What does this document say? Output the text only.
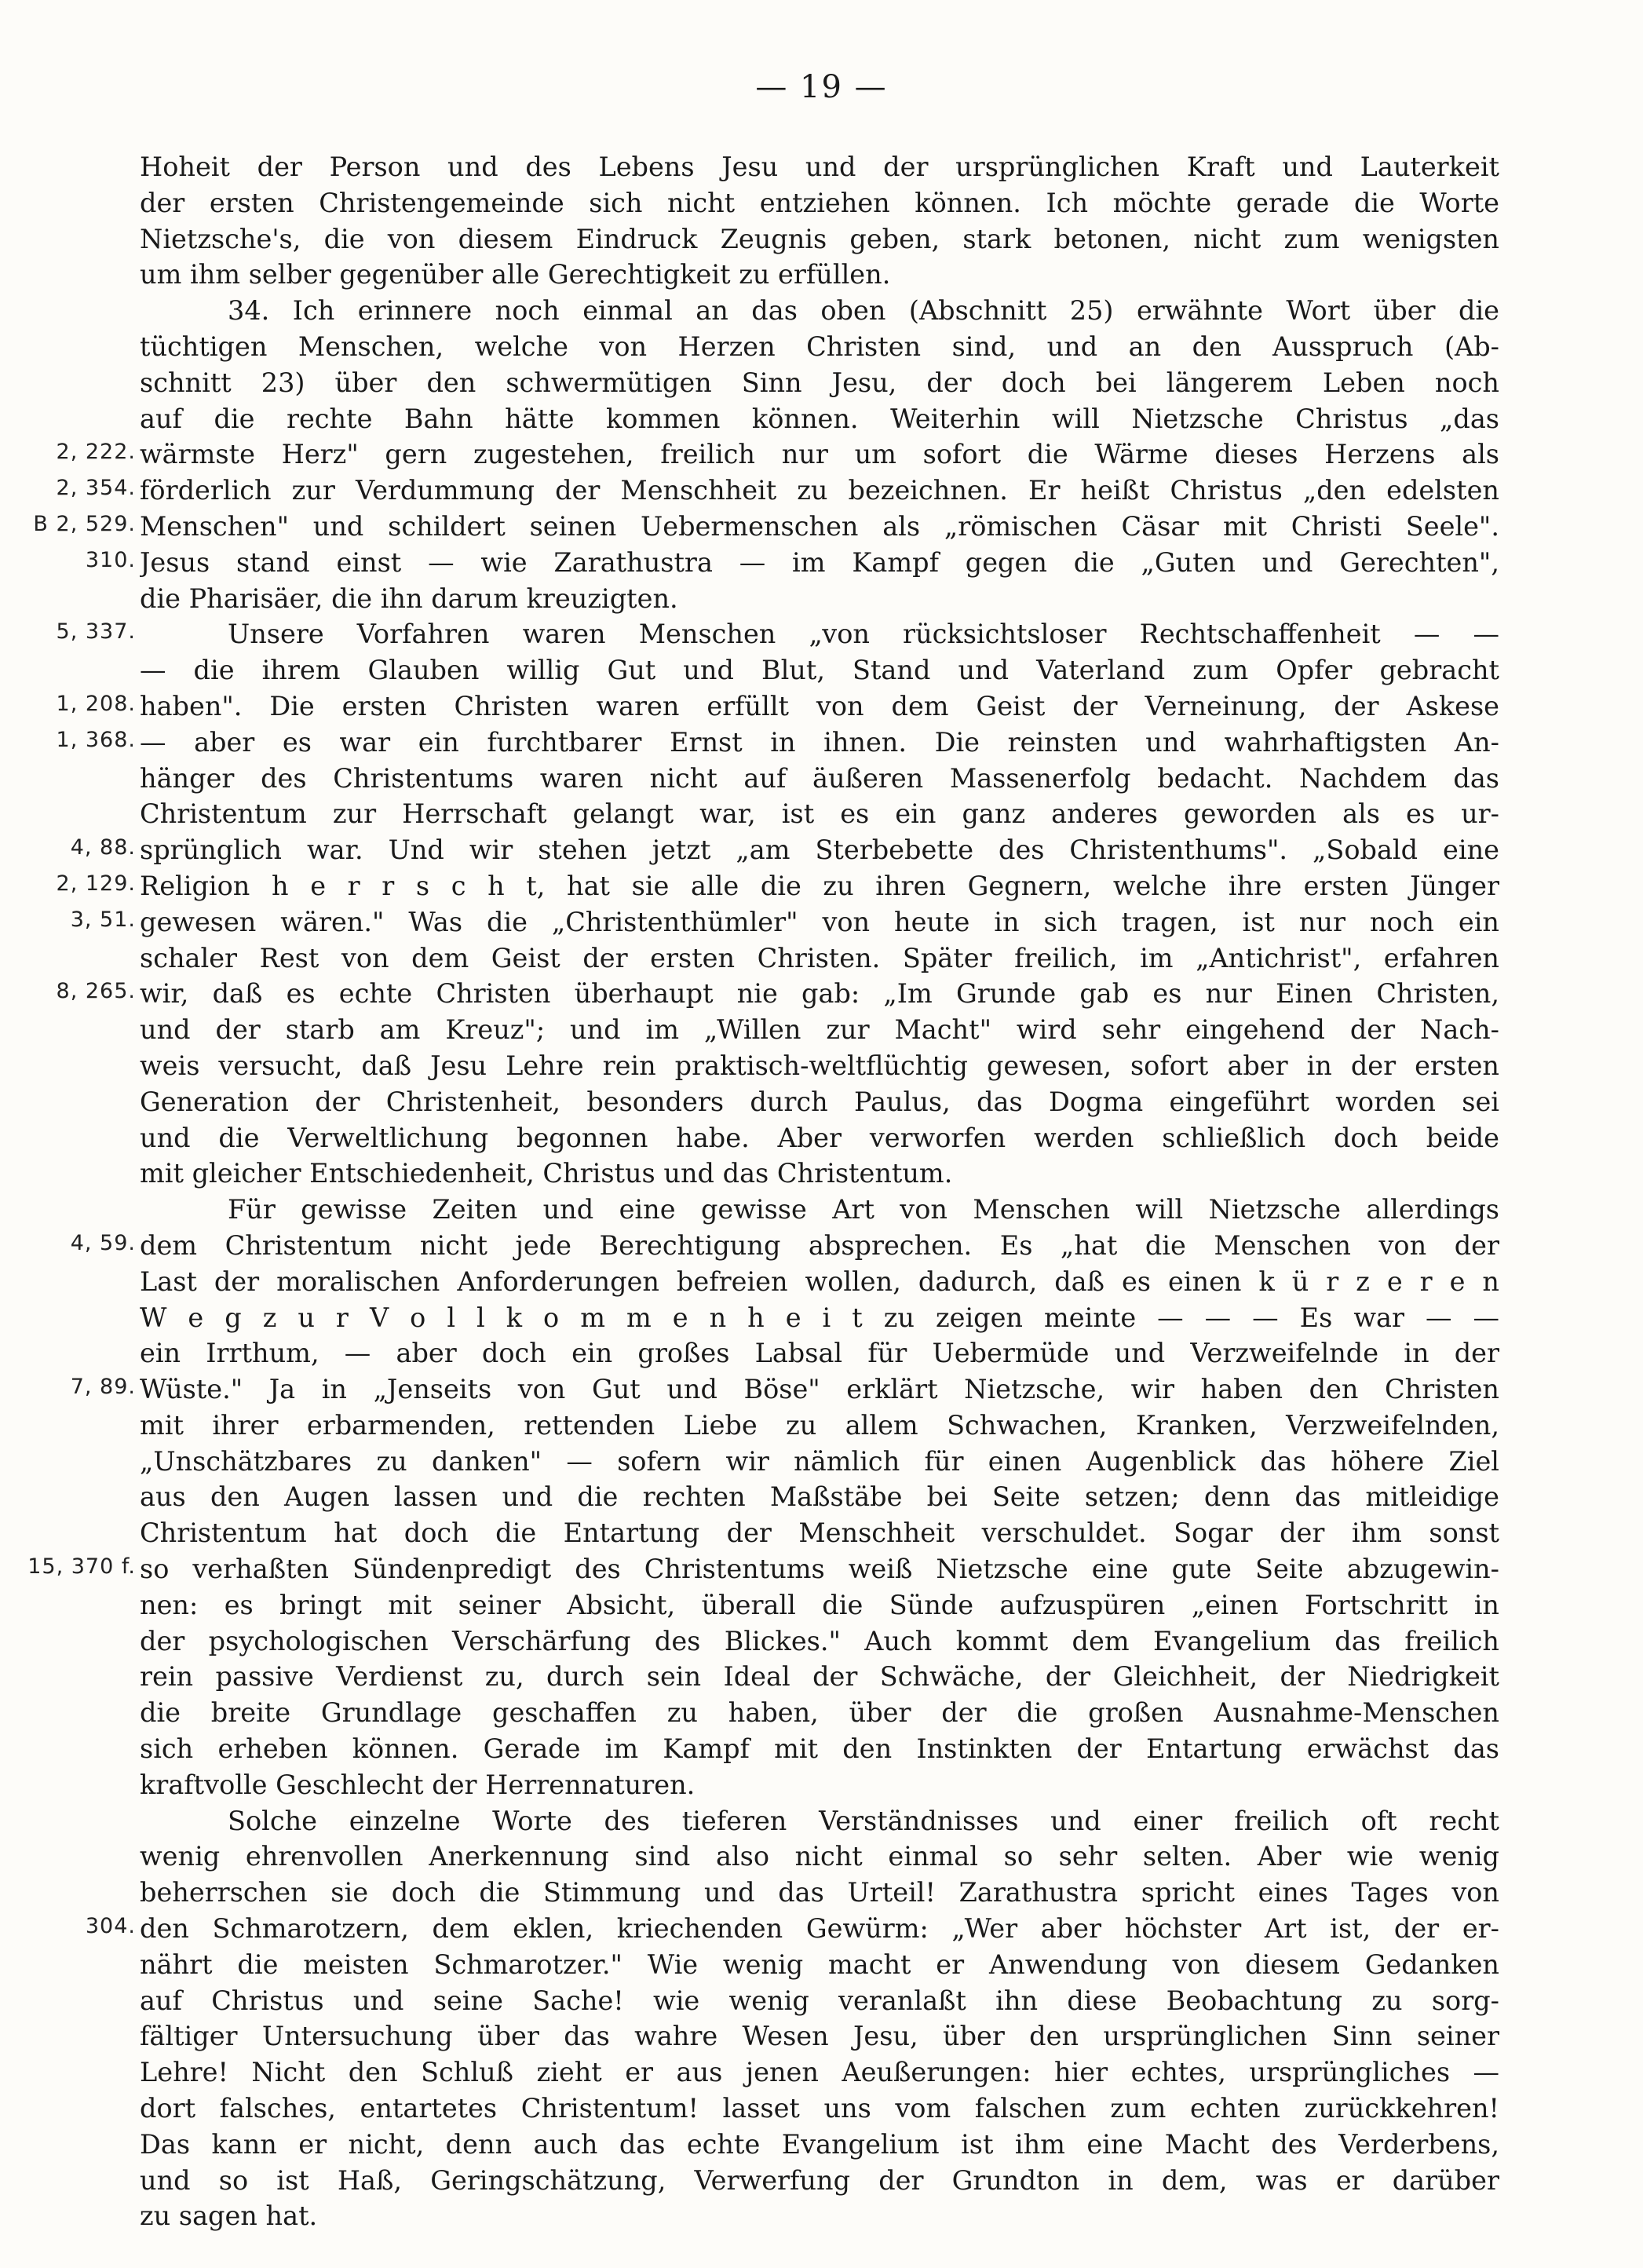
— 19 —
Hoheit der Person und des Lebens Jesu und der ursprünglichen Kraft und Lauterkeit
der ersten Christengemeinde sich nicht entziehen können. Ich möchte gerade die Worte
Nietzsche's, die von diesem Eindruck Zeugnis geben, stark betonen, nicht zum wenigsten
um ihm selber gegenüber alle Gerechtigkeit zu erfüllen.
34. Ich erinnere noch einmal an das oben (Abschnitt 25) erwähnte Wort über die
tüchtigen Menschen, welche von Herzen Christen sind, und an den Ausspruch (Ab-
schnitt 23) über den schwermütigen Sinn Jesu, der doch bei längerem Leben noch
auf die rechte Bahn hätte kommen können. Weiterhin will Nietzsche Christus „das
2, 222. wärmste Herz" gern zugestehen, freilich nur um sofort die Wärme dieses Herzens als
2, 354. förderlich zur Verdummung der Menschheit zu bezeichnen. Er heißt Christus „den edelsten
B 2, 529. Menschen" und schildert seinen Uebermenschen als „römischen Cäsar mit Christi Seele".
310. Jesus stand einst — wie Zarathustra — im Kampf gegen die „Guten und Gerechten",
die Pharisäer, die ihn darum kreuzigten.
5, 337.	Unsere Vorfahren waren Menschen „von rücksichtsloser Rechtschaffenheit — —
— die ihrem Glauben willig Gut und Blut, Stand und Vaterland zum Opfer gebracht
1, 208. haben". Die ersten Christen waren erfüllt von dem Geist der Verneinung, der Askese
1, 368. — aber es war ein furchtbarer Ernst in ihnen. Die reinsten und wahrhaftigsten An-
hänger des Christentums waren nicht auf äußeren Massenerfolg bedacht. Nachdem das
Christentum zur Herrschaft gelangt war, ist es ein ganz anderes geworden als es ur-
4, 88. sprünglich war. Und wir stehen jetzt „am Sterbebette des Christenthums". „Sobald eine
2, 129. Religion h e r r s c h t, hat sie alle die zu ihren Gegnern, welche ihre ersten Jünger
3, 51. gewesen wären." Was die „Christenthümler" von heute in sich tragen, ist nur noch ein
schaler Rest von dem Geist der ersten Christen. Später freilich, im „Antichrist", erfahren
8, 265. wir, daß es echte Christen überhaupt nie gab: „Im Grunde gab es nur Einen Christen,
und der starb am Kreuz"; und im „Willen zur Macht" wird sehr eingehend der Nach-
weis versucht, daß Jesu Lehre rein praktisch-weltflüchtig gewesen, sofort aber in der ersten
Generation der Christenheit, besonders durch Paulus, das Dogma eingeführt worden sei
und die Verweltlichung begonnen habe. Aber verworfen werden schließlich doch beide
mit gleicher Entschiedenheit, Christus und das Christentum.
Für gewisse Zeiten und eine gewisse Art von Menschen will Nietzsche allerdings
4, 59. dem Christentum nicht jede Berechtigung absprechen. Es „hat die Menschen von der
Last der moralischen Anforderungen befreien wollen, dadurch, daß es einen k ü r z e r e n
W e g z u r V o l l k o m m e n h e i t zu zeigen meinte — — — Es war — —
ein Irrthum, — aber doch ein großes Labsal für Uebermüde und Verzweifelnde in der
7, 89. Wüste." Ja in „Jenseits von Gut und Böse" erklärt Nietzsche, wir haben den Christen
mit ihrer erbarmenden, rettenden Liebe zu allem Schwachen, Kranken, Verzweifelnden,
„Unschätzbares zu danken" — sofern wir nämlich für einen Augenblick das höhere Ziel
aus den Augen lassen und die rechten Maßstäbe bei Seite setzen; denn das mitleidige
Christentum hat doch die Entartung der Menschheit verschuldet. Sogar der ihm sonst
15, 370 f. so verhaßten Sündenpredigt des Christentums weiß Nietzsche eine gute Seite abzugewin-
nen: es bringt mit seiner Absicht, überall die Sünde aufzuspüren „einen Fortschritt in
der psychologischen Verschärfung des Blickes." Auch kommt dem Evangelium das freilich
rein passive Verdienst zu, durch sein Ideal der Schwäche, der Gleichheit, der Niedrigkeit
die breite Grundlage geschaffen zu haben, über der die großen Ausnahme-Menschen
sich erheben können. Gerade im Kampf mit den Instinkten der Entartung erwächst das
kraftvolle Geschlecht der Herrennaturen.
Solche einzelne Worte des tieferen Verständnisses und einer freilich oft recht
wenig ehrenvollen Anerkennung sind also nicht einmal so sehr selten. Aber wie wenig
beherrschen sie doch die Stimmung und das Urteil! Zarathustra spricht eines Tages von
304. den Schmarotzern, dem eklen, kriechenden Gewürm: „Wer aber höchster Art ist, der er-
nährt die meisten Schmarotzer." Wie wenig macht er Anwendung von diesem Gedanken
auf Christus und seine Sache! wie wenig veranlaßt ihn diese Beobachtung zu sorg-
fältiger Untersuchung über das wahre Wesen Jesu, über den ursprünglichen Sinn seiner
Lehre! Nicht den Schluß zieht er aus jenen Aeußerungen: hier echtes, ursprüngliches —
dort falsches, entartetes Christentum! lasset uns vom falschen zum echten zurückkehren!
Das kann er nicht, denn auch das echte Evangelium ist ihm eine Macht des Verderbens,
und so ist Haß, Geringschätzung, Verwerfung der Grundton in dem, was er darüber
zu sagen hat.
